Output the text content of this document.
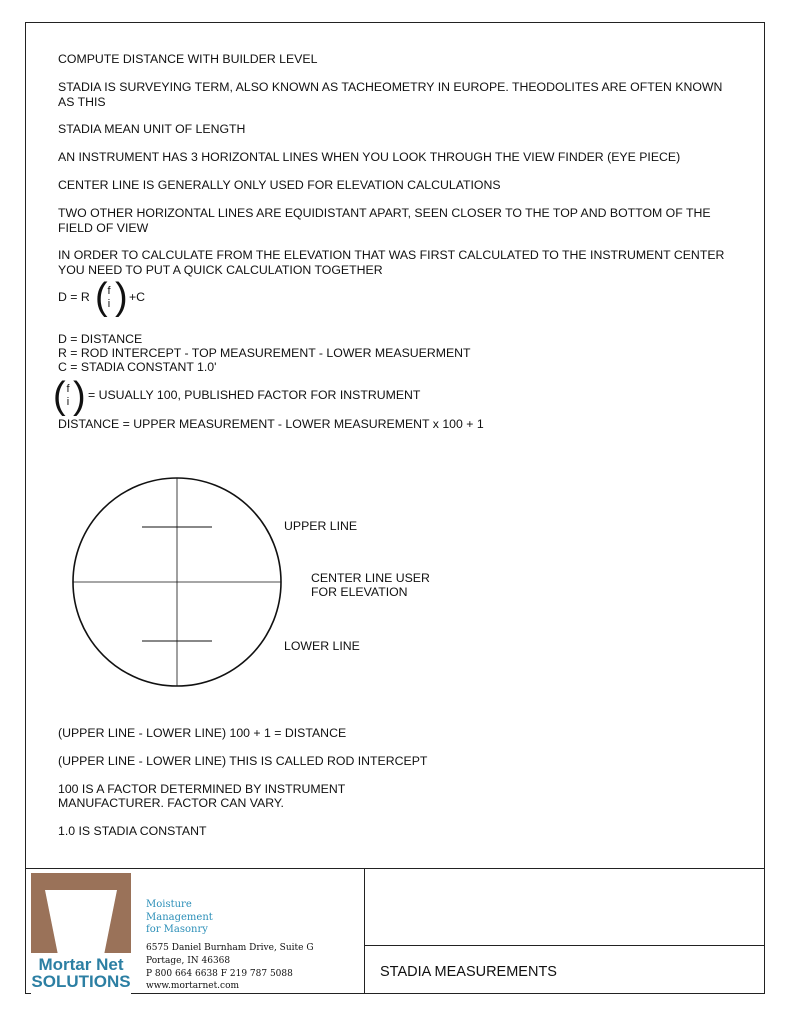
COMPUTE DISTANCE WITH BUILDER LEVEL

STADIA IS SURVEYING TERM, ALSO KNOWN AS TACHEOMETRY IN EUROPE. THEODOLITES ARE OFTEN KNOWN AS THIS

STADIA MEAN UNIT OF LENGTH

AN INSTRUMENT HAS 3 HORIZONTAL LINES WHEN YOU LOOK THROUGH THE VIEW FINDER (EYE PIECE)

CENTER LINE IS GENERALLY ONLY USED FOR ELEVATION CALCULATIONS

TWO OTHER HORIZONTAL LINES ARE EQUIDISTANT APART, SEEN CLOSER TO THE TOP AND BOTTOM OF THE FIELD OF VIEW

IN ORDER TO CALCULATE FROM THE ELEVATION THAT WAS FIRST CALCULATED TO THE INSTRUMENT CENTER YOU NEED TO PUT A QUICK CALCULATION TOGETHER

D = R ( f
i ) +C

D = DISTANCE

R = ROD INTERCEPT - TOP MEASUREMENT - LOWER MEASUERMENT

C = STADIA CONSTANT 1.0'

( f
i ) = USUALLY 100, PUBLISHED FACTOR FOR INSTRUMENT

DISTANCE = UPPER MEASUREMENT - LOWER MEASUREMENT x 100 + 1

UPPER LINE
CENTER LINE USER
FOR ELEVATION
LOWER LINE

(UPPER LINE - LOWER LINE) 100 + 1 = DISTANCE

(UPPER LINE - LOWER LINE) THIS IS CALLED ROD INTERCEPT

100 IS A FACTOR DETERMINED BY INSTRUMENT

MANUFACTURER. FACTOR CAN VARY.

1.0 IS STADIA CONSTANT

Mortar Net
SOLUTIONS
Moisture
Management
for Masonry
6575 Daniel Burnham Drive, Suite G
Portage, IN 46368
P 800 664 6638 F 219 787 5088
www.mortarnet.com
STADIA MEASUREMENTS
